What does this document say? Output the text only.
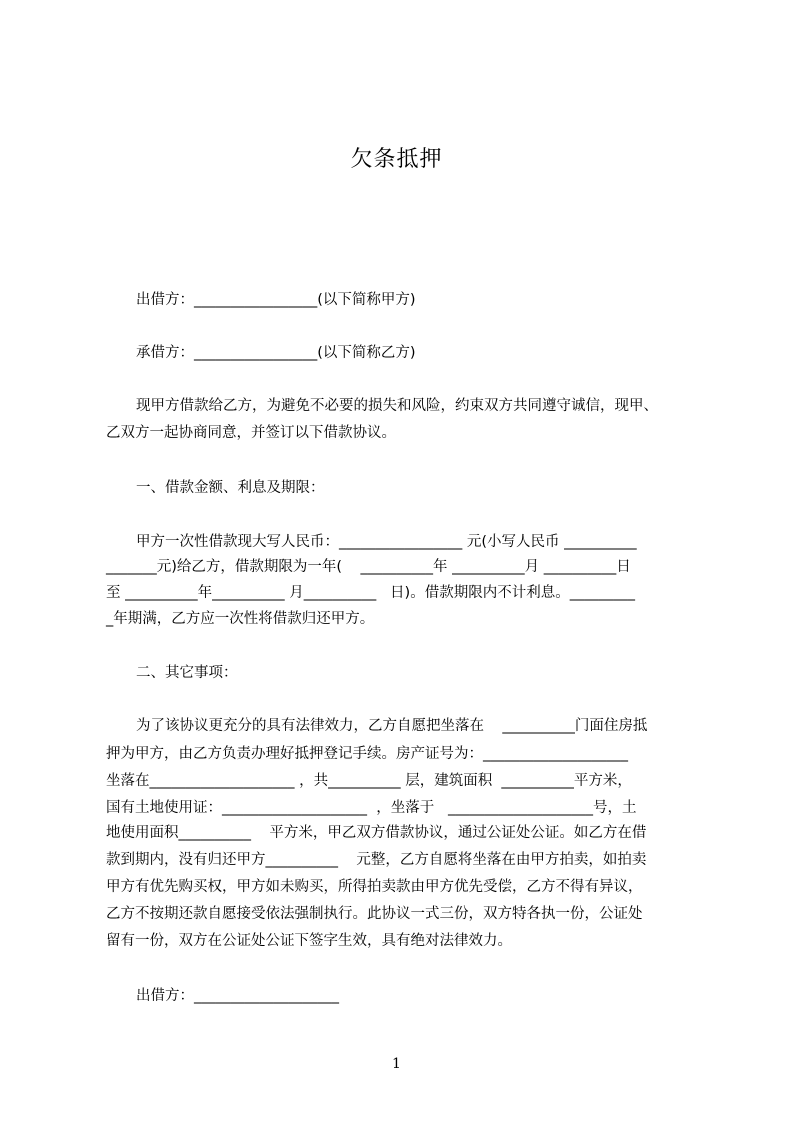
欠条抵押
出借方：_________________(以下简称甲方)
承借方：_________________(以下简称乙方)
现甲方借款给乙方，为避免不必要的损失和风险，约束双方共同遵守诚信，现甲、
乙双方一起协商同意，并签订以下借款协议。
一、借款金额、利息及期限：
甲方一次性借款现大写人民币：_________________ 元(小写人民币 __________
_______元)给乙方，借款期限为一年(    __________年 __________月 __________日
至 __________年__________ 月__________   日)。借款期限内不计利息。_________
_年期满，乙方应一次性将借款归还甲方。
二、其它事项：
为了该协议更充分的具有法律效力，乙方自愿把坐落在    __________门面住房抵
押为甲方，由乙方负责办理好抵押登记手续。房产证号为：____________________
坐落在____________________ ，共__________ 层，建筑面积  __________平方米，
国有土地使用证：____________________  ，坐落于   ____________________号，土
地使用面积__________    平方米，甲乙双方借款协议，通过公证处公证。如乙方在借
款到期内，没有归还甲方__________    元整，乙方自愿将坐落在由甲方拍卖，如拍卖
甲方有优先购买权，甲方如未购买，所得拍卖款由甲方优先受偿，乙方不得有异议，
乙方不按期还款自愿接受依法强制执行。此协议一式三份，双方特各执一份，公证处
留有一份，双方在公证处公证下签字生效，具有绝对法律效力。
出借方：____________________
1
